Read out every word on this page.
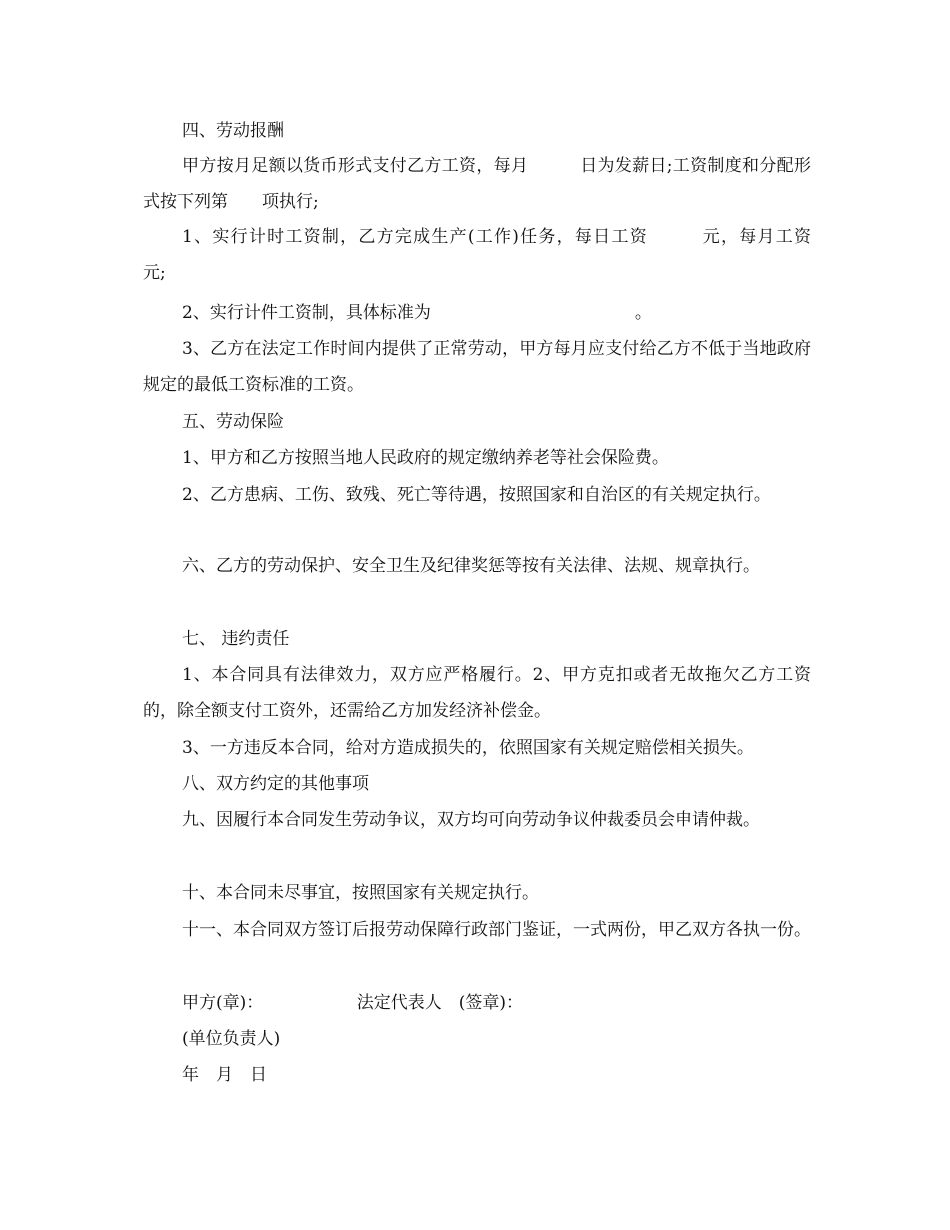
四、劳动报酬

甲方按月足额以货币形式支付乙方工资，每月　　　日为发薪日;工资制度和分配形式按下列第　　项执行;

1、实行计时工资制，乙方完成生产(工作)任务，每日工资　　　元，每月工资　　　元;

2、实行计件工资制，具体标准为　　　　　　　　　　　　。

3、乙方在法定工作时间内提供了正常劳动，甲方每月应支付给乙方不低于当地政府规定的最低工资标准的工资。

五、劳动保险

1、甲方和乙方按照当地人民政府的规定缴纳养老等社会保险费。

2、乙方患病、工伤、致残、死亡等待遇，按照国家和自治区的有关规定执行。

六、乙方的劳动保护、安全卫生及纪律奖惩等按有关法律、法规、规章执行。

七、 违约责任

1、本合同具有法律效力，双方应严格履行。2、甲方克扣或者无故拖欠乙方工资的，除全额支付工资外，还需给乙方加发经济补偿金。

3、一方违反本合同，给对方造成损失的，依照国家有关规定赔偿相关损失。

八、双方约定的其他事项

九、因履行本合同发生劳动争议，双方均可向劳动争议仲裁委员会申请仲裁。

十、本合同未尽事宜，按照国家有关规定执行。

十一、本合同双方签订后报劳动保障行政部门鉴证，一式两份，甲乙双方各执一份。

甲方(章)：　　　　　　法定代表人　(签章)：

(单位负责人)

年　月　日
